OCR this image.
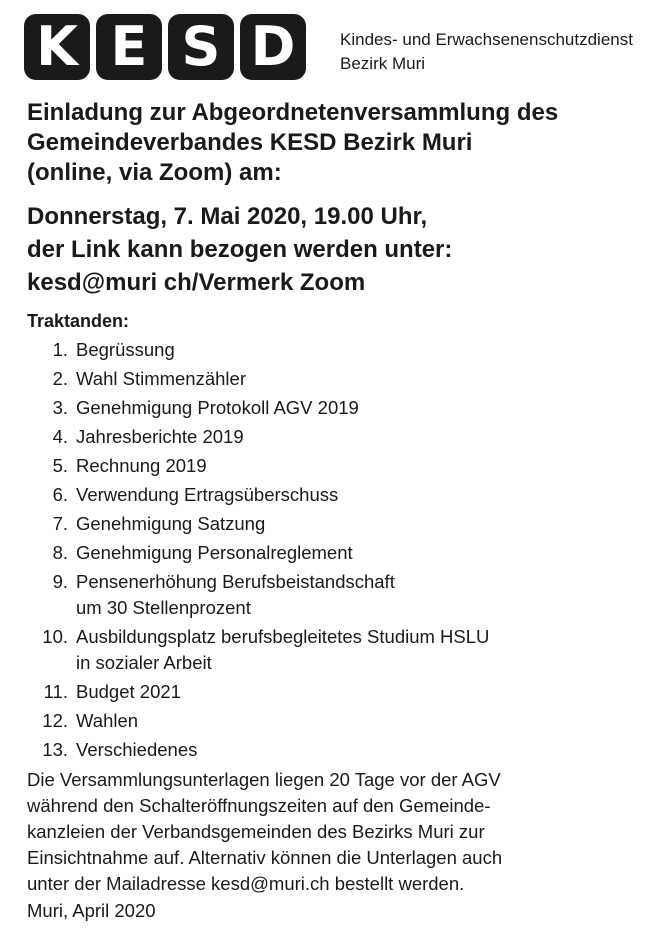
K E S D	Kindes- und Erwachsenenschutzdienst
Bezirk Muri
Einladung zur Abgeordnetenversammlung des
Gemeindeverbandes KESD Bezirk Muri
(online, via Zoom) am:
Donnerstag, 7. Mai 2020, 19.00 Uhr,
der Link kann bezogen werden unter:
kesd@muri ch/Vermerk Zoom
Traktanden:
1. Begrüssung
2. Wahl Stimmenzähler
3. Genehmigung Protokoll AGV 2019
4. Jahresberichte 2019
5. Rechnung 2019
6. Verwendung Ertragsüberschuss
7. Genehmigung Satzung
8. Genehmigung Personalreglement
9. Pensenerhöhung Berufsbeistandschaft
um 30 Stellenprozent
10. Ausbildungsplatz berufsbegleitetes Studium HSLU
in sozialer Arbeit
11. Budget 2021
12. Wahlen
13. Verschiedenes
Die Versammlungsunterlagen liegen 20 Tage vor der AGV
während den Schalteröffnungszeiten auf den Gemeinde-
kanzleien der Verbandsgemeinden des Bezirks Muri zur
Einsichtnahme auf. Alternativ können die Unterlagen auch
unter der Mailadresse kesd@muri.ch bestellt werden.
Muri, April 2020
